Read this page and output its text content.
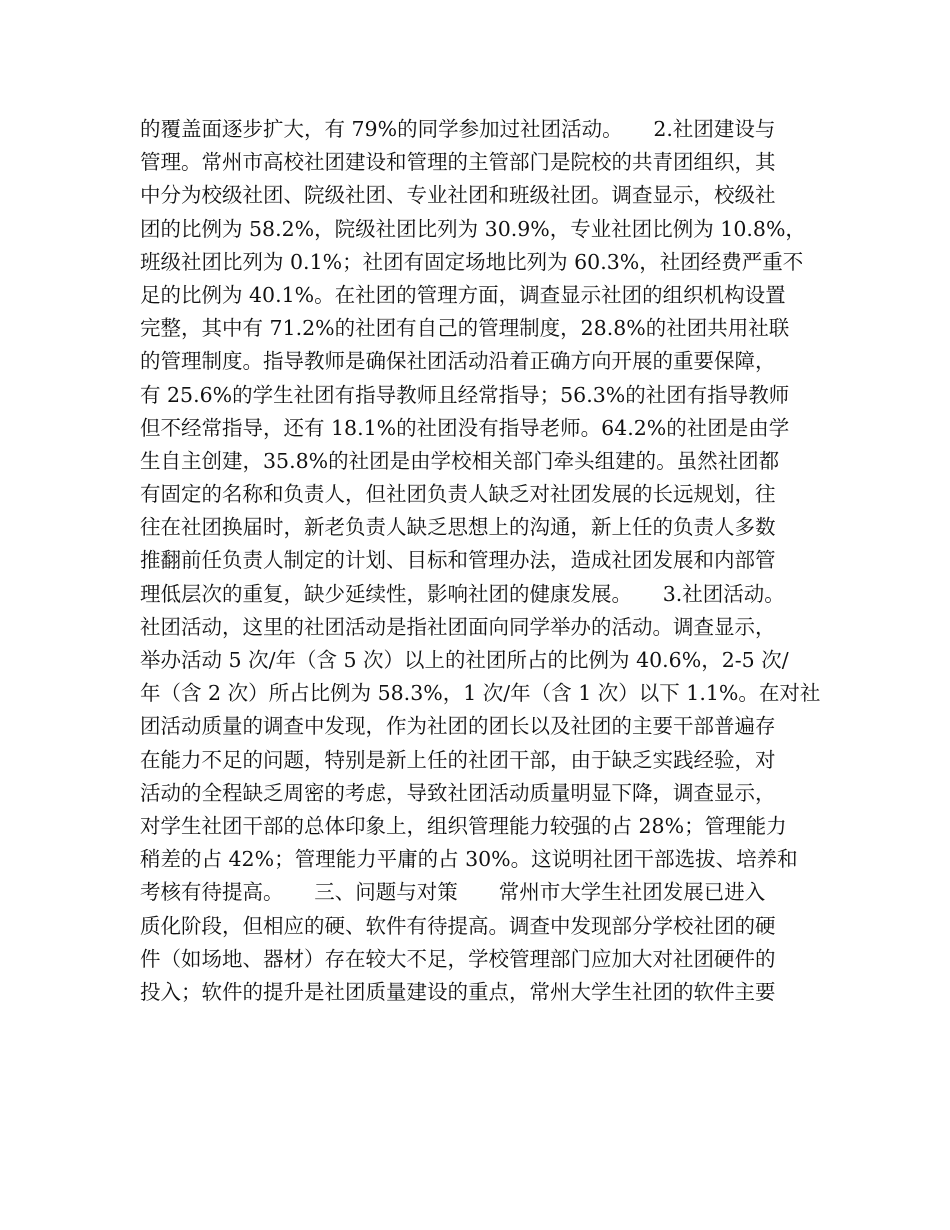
的覆盖面逐步扩大，有 79%的同学参加过社团活动。　　2.社团建设与
管理。常州市高校社团建设和管理的主管部门是院校的共青团组织，其
中分为校级社团、院级社团、专业社团和班级社团。调查显示，校级社
团的比例为 58.2%，院级社团比列为 30.9%，专业社团比例为 10.8%，
班级社团比列为 0.1%；社团有固定场地比列为 60.3%，社团经费严重不
足的比例为 40.1%。在社团的管理方面，调查显示社团的组织机构设置
完整，其中有 71.2%的社团有自己的管理制度，28.8%的社团共用社联
的管理制度。指导教师是确保社团活动沿着正确方向开展的重要保障，
有 25.6%的学生社团有指导教师且经常指导；56.3%的社团有指导教师
但不经常指导，还有 18.1%的社团没有指导老师。64.2%的社团是由学
生自主创建，35.8%的社团是由学校相关部门牵头组建的。虽然社团都
有固定的名称和负责人，但社团负责人缺乏对社团发展的长远规划，往
往在社团换届时，新老负责人缺乏思想上的沟通，新上任的负责人多数
推翻前任负责人制定的计划、目标和管理办法，造成社团发展和内部管
理低层次的重复，缺少延续性，影响社团的健康发展。　　3.社团活动。
社团活动，这里的社团活动是指社团面向同学举办的活动。调查显示，
举办活动 5 次/年（含 5 次）以上的社团所占的比例为 40.6%，2-5 次/
年（含 2 次）所占比例为 58.3%，1 次/年（含 1 次）以下 1.1%。在对社
团活动质量的调查中发现，作为社团的团长以及社团的主要干部普遍存
在能力不足的问题，特别是新上任的社团干部，由于缺乏实践经验，对
活动的全程缺乏周密的考虑，导致社团活动质量明显下降，调查显示，
对学生社团干部的总体印象上，组织管理能力较强的占 28%；管理能力
稍差的占 42%；管理能力平庸的占 30%。这说明社团干部选拔、培养和
考核有待提高。　　三、问题与对策　　常州市大学生社团发展已进入
质化阶段，但相应的硬、软件有待提高。调查中发现部分学校社团的硬
件（如场地、器材）存在较大不足，学校管理部门应加大对社团硬件的
投入；软件的提升是社团质量建设的重点，常州大学生社团的软件主要
